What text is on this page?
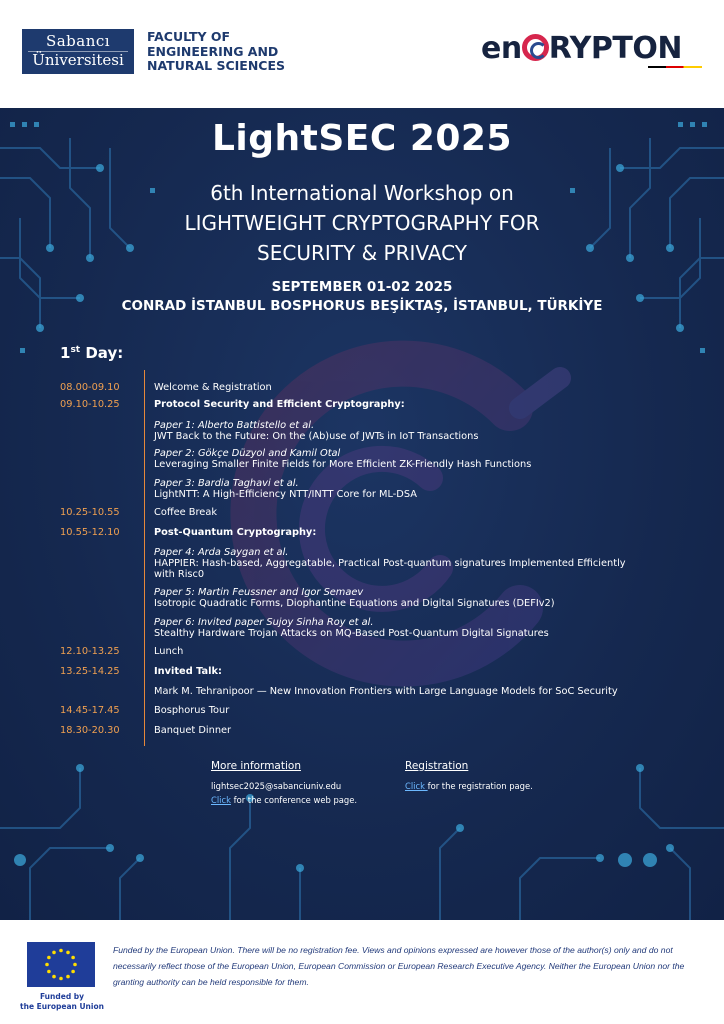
Sabancı
Üniversitesi
FACULTY OF
ENGINEERING AND
NATURAL SCIENCES	en RYPTON
LightSEC 2025
6th International Workshop on
LIGHTWEIGHT CRYPTOGRAPHY FOR
SECURITY & PRIVACY
SEPTEMBER 01-02 2025
CONRAD İSTANBUL BOSPHORUS BEŞİKTAŞ, İSTANBUL, TÜRKİYE
1st Day:
08.00-09.10	Welcome & Registration
09.10-10.25	Protocol Security and Efficient Cryptography:
Paper 1: Alberto Battistello et al.
JWT Back to the Future: On the (Ab)use of JWTs in IoT Transactions
Paper 2: Gökçe Düzyol and Kamil Otal
Leveraging Smaller Finite Fields for More Efficient ZK-Friendly Hash Functions
Paper 3: Bardia Taghavi et al.
LightNTT: A High-Efficiency NTT/INTT Core for ML-DSA
10.25-10.55	Coffee Break
10.55-12.10	Post-Quantum Cryptography:
Paper 4: Arda Saygan et al.
HAPPIER: Hash-based, Aggregatable, Practical Post-quantum signatures Implemented Efficiently
with Risc0
Paper 5: Martin Feussner and Igor Semaev
Isotropic Quadratic Forms, Diophantine Equations and Digital Signatures (DEFIv2)
Paper 6: Invited paper Sujoy Sinha Roy et al.
Stealthy Hardware Trojan Attacks on MQ-Based Post-Quantum Digital Signatures
12.10-13.25	Lunch
13.25-14.25	Invited Talk:
Mark M. Tehranipoor — New Innovation Frontiers with Large Language Models for SoC Security
14.45-17.45	Bosphorus Tour
18.30-20.30	Banquet Dinner
More information
lightsec2025@sabanciuniv.edu
Click for the conference web page.
Registration
Click for the registration page.
Funded by
the European Union
Funded by the European Union. There will be no registration fee. Views and opinions expressed are however those of the author(s) only and do not necessarily reflect those of the European Union, European Commission or European Research Executive Agency. Neither the European Union nor the granting authority can be held responsible for them.
